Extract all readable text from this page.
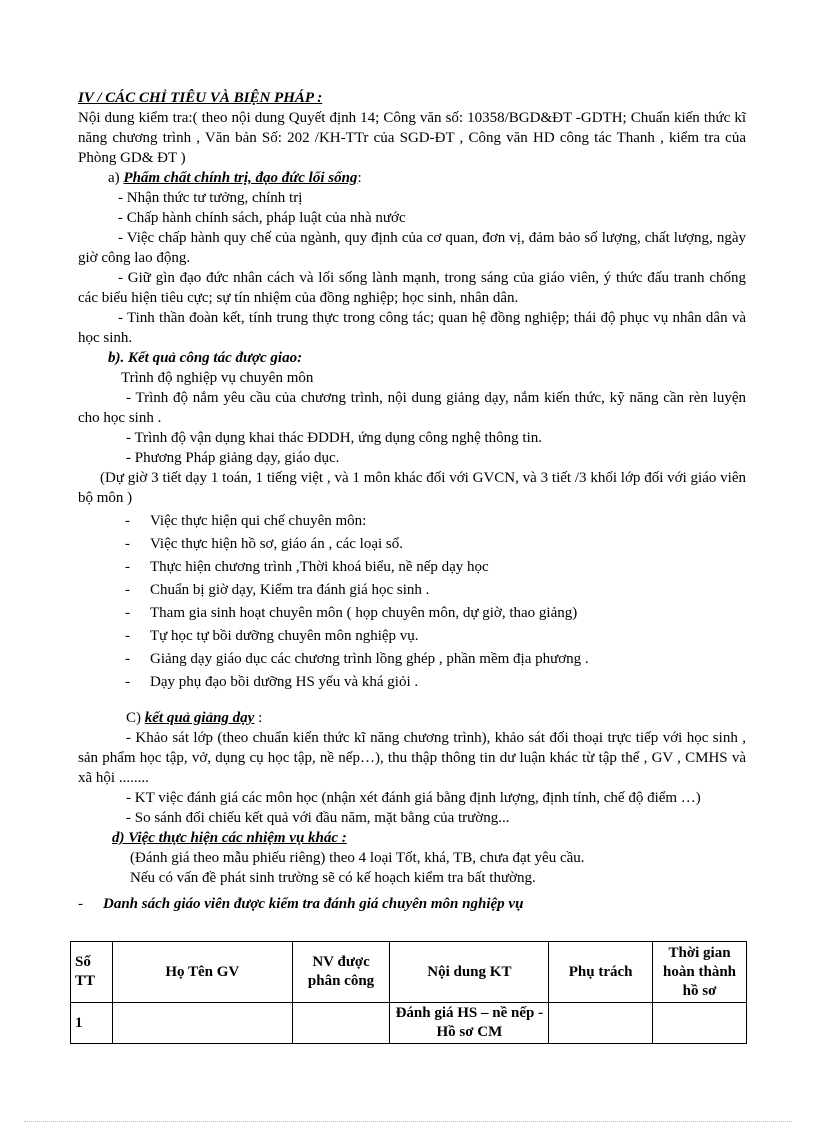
IV / CÁC CHỈ TIÊU VÀ BIỆN PHÁP :

Nội dung kiểm tra:( theo nội dung Quyết định 14; Công văn số: 10358/BGD&ĐT -GDTH; Chuẩn kiến thức kĩ năng chương trình , Văn bản Số: 202 /KH-TTr của SGD-ĐT , Công văn HD công tác Thanh , kiểm tra của Phòng GD& ĐT )

a) Phẩm chất chính trị, đạo đức lối sống:

- Nhận thức tư tưởng, chính trị

- Chấp hành chính sách, pháp luật của nhà nước

- Việc chấp hành quy chế của ngành, quy định của cơ quan, đơn vị, đảm bảo số lượng, chất lượng, ngày giờ công lao động.

- Giữ gìn đạo đức nhân cách và lối sống lành mạnh, trong sáng của giáo viên, ý thức đấu tranh chống các biểu hiện tiêu cực; sự tín nhiệm của đồng nghiệp; học sinh, nhân dân.

- Tinh thần đoàn kết, tính trung thực trong công tác; quan hệ đồng nghiệp; thái độ phục vụ nhân dân và học sinh.

b). Kết quả công tác được giao:

Trình độ nghiệp vụ chuyên môn

- Trình độ nắm yêu cầu của chương trình, nội dung giảng dạy, nắm kiến thức, kỹ năng cần rèn luyện cho học sinh .

- Trình độ vận dụng khai thác ĐDDH, ứng dụng công nghệ thông tin.

- Phương Pháp giảng dạy, giáo dục.

(Dự giờ 3 tiết dạy 1 toán, 1 tiếng việt , và 1 môn khác đối với GVCN, và 3 tiết /3 khối lớp đối với giáo viên bộ môn )

- Việc thực hiện qui chế chuyên môn:
- Việc thực hiện hồ sơ, giáo án , các loại sổ.
- Thực hiện chương trình ,Thời khoá biểu, nề nếp dạy học
- Chuẩn bị giờ dạy, Kiểm tra đánh giá học sinh .
- Tham gia sinh hoạt chuyên môn ( họp chuyên môn, dự giờ, thao giảng)
- Tự học tự bồi dưỡng chuyên môn nghiệp vụ.
- Giảng dạy giáo dục các chương trình lồng ghép , phần mềm địa phương .
- Dạy phụ đạo bồi dưỡng HS yếu và khá giỏi .

C) kết quả giảng dạy :

- Khảo sát lớp (theo chuẩn kiến thức kĩ năng chương trình), khảo sát đối thoại trực tiếp với học sinh , sản phẩm học tập, vở, dụng cụ học tập, nề nếp…), thu thập thông tin dư luận khác từ tập thể , GV , CMHS và xã hội ........

- KT việc đánh giá các môn học (nhận xét đánh giá bằng định lượng, định tính, chế độ điểm …)

- So sánh đối chiếu kết quả với đầu năm, mặt bằng của trường...

d) Việc thực hiện các nhiệm vụ khác :

(Đánh giá theo mẫu phiếu riêng) theo 4 loại Tốt, khá, TB, chưa đạt yêu cầu.

Nếu có vấn đề phát sinh trường sẽ có kế hoạch kiểm tra bất thường.

- Danh sách giáo viên được kiểm tra đánh giá chuyên môn nghiệp vụ

Số TT	Họ Tên GV	NV được phân công	Nội dung KT	Phụ trách	Thời gian hoàn thành hồ sơ
1			Đánh giá HS – nề nếp - Hồ sơ CM		
